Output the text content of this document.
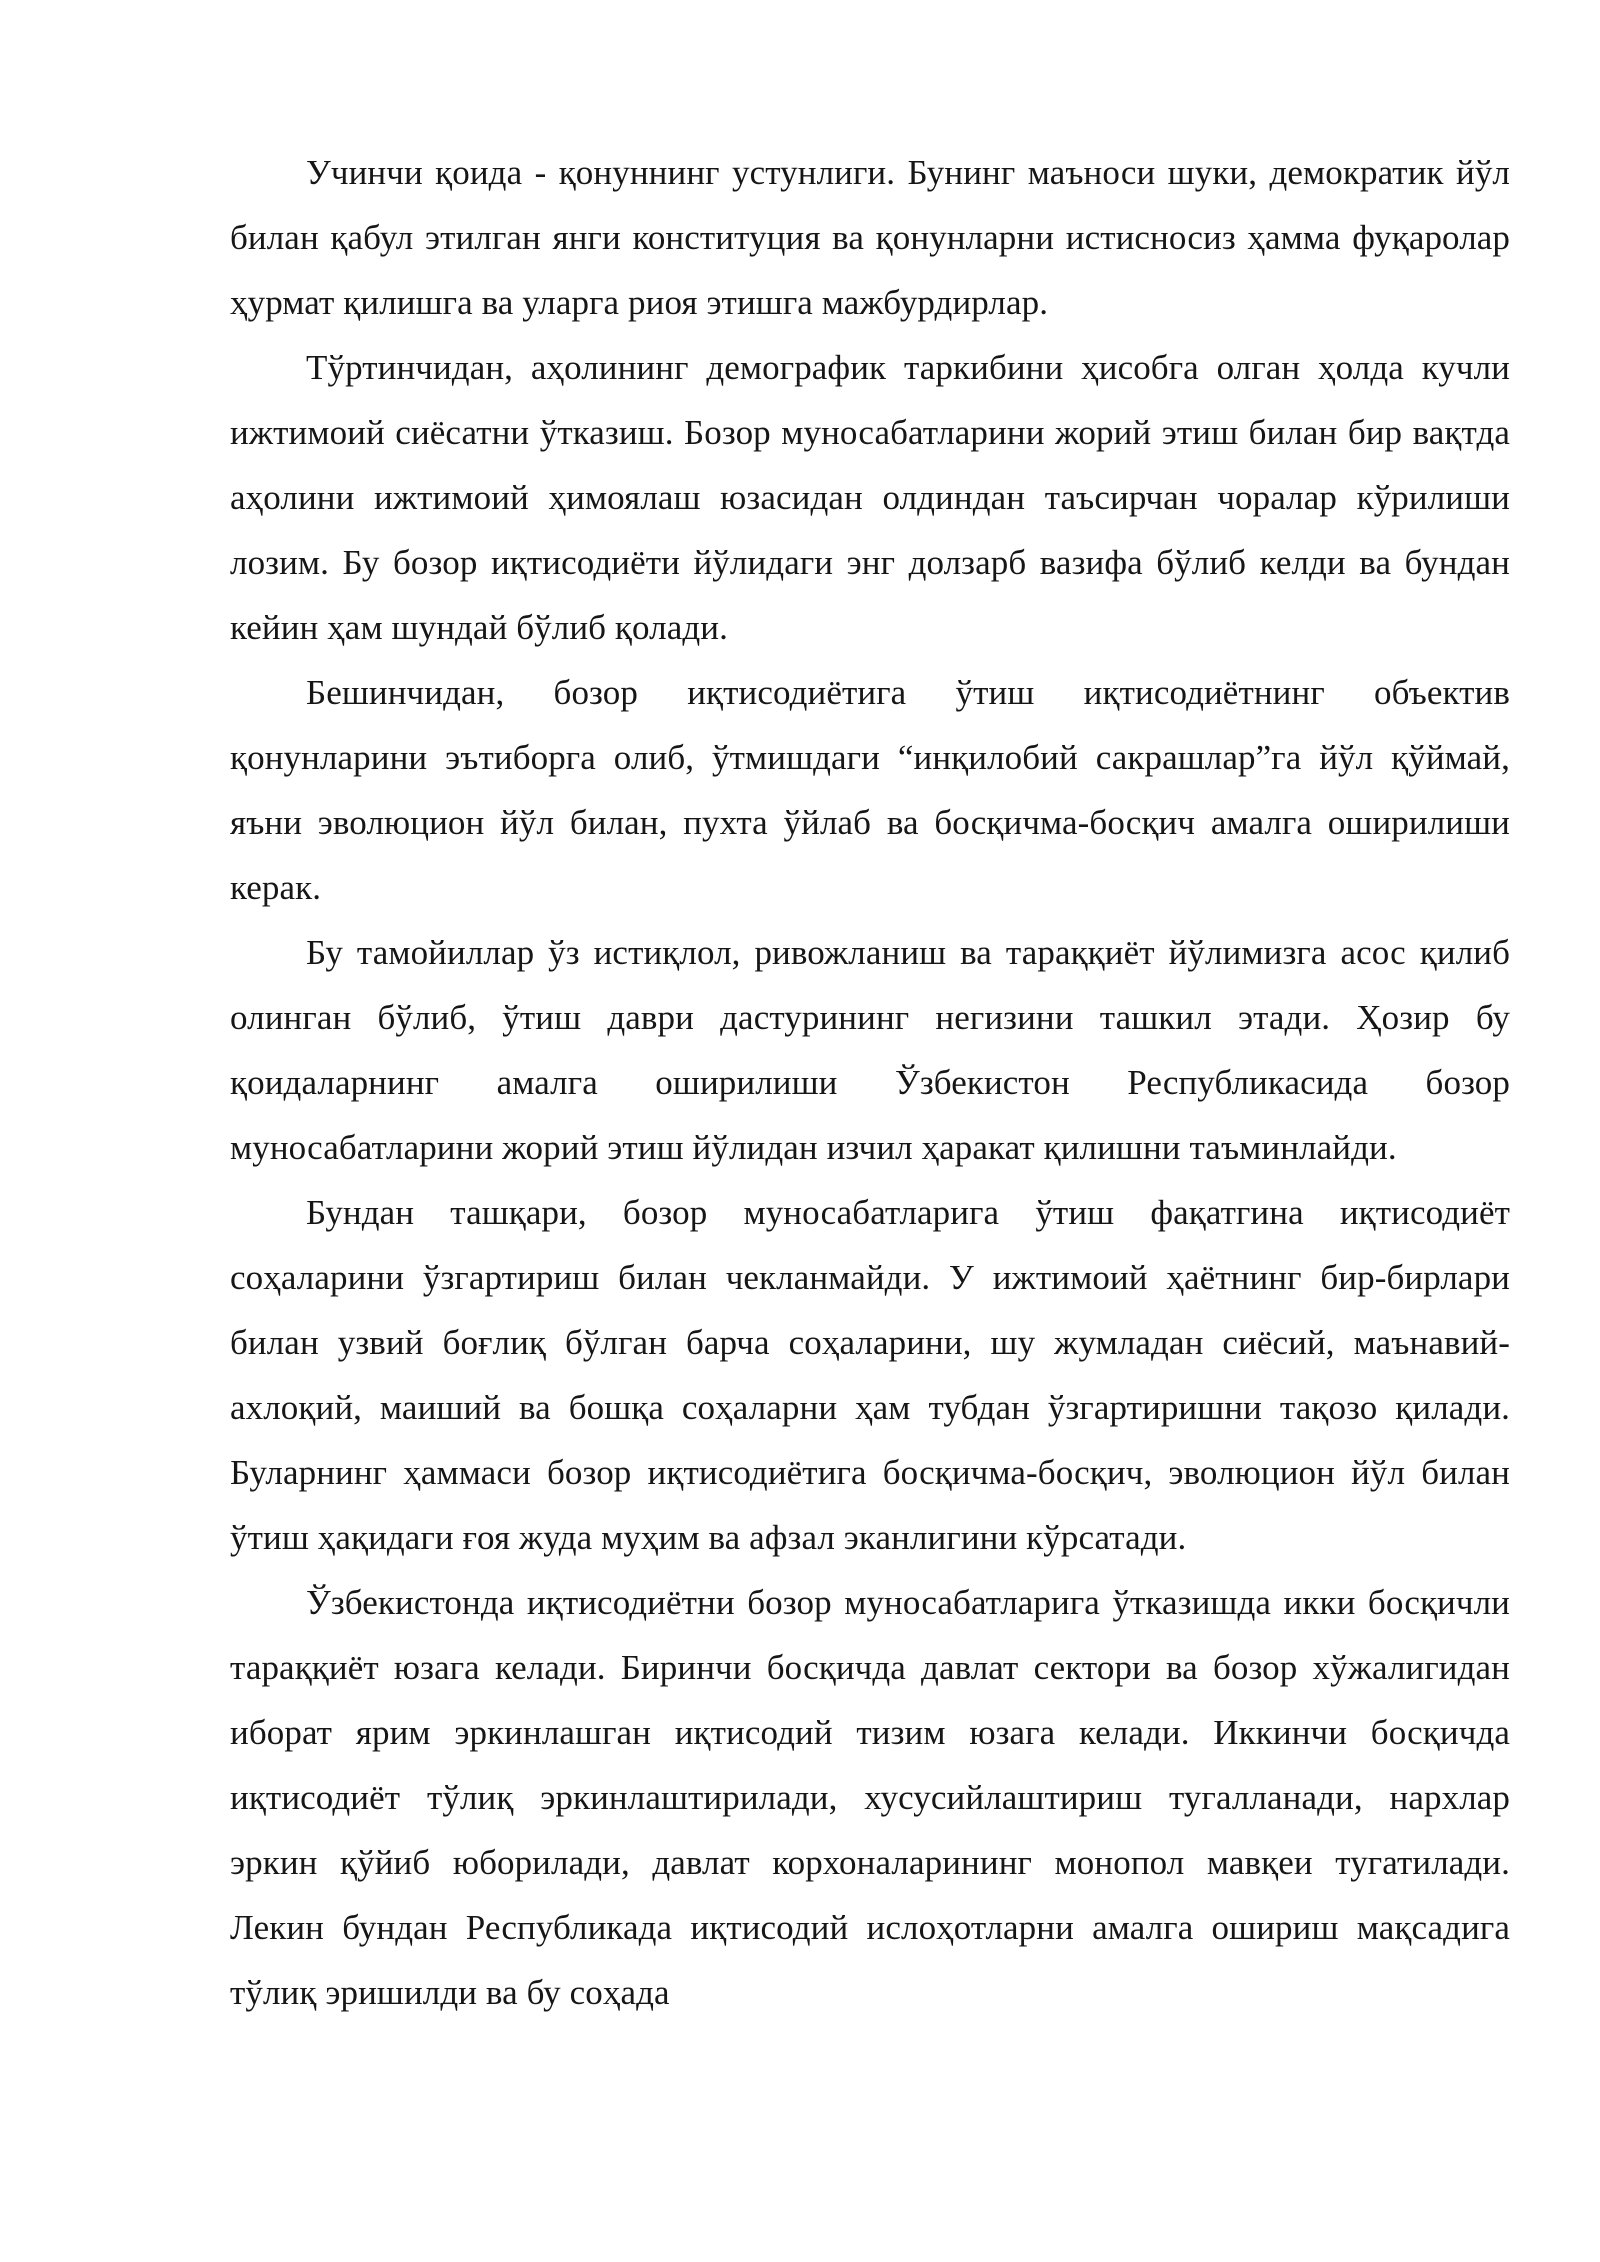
Учинчи қоида - қонуннинг устунлиги. Бунинг маъноси шуки, демократик йўл билан қабул этилган янги конституция ва қонунларни истисносиз ҳамма фуқаролар ҳурмат қилишга ва уларга риоя этишга мажбурдирлар.

Тўртинчидан, аҳолининг демографик таркибини ҳисобга олган ҳолда кучли ижтимоий сиёсатни ўтказиш. Бозор муносабатларини жорий этиш билан бир вақтда аҳолини ижтимоий ҳимоялаш юзасидан олдиндан таъсирчан чоралар кўрилиши лозим. Бу бозор иқтисодиёти йўлидаги энг долзарб вазифа бўлиб келди ва бундан кейин ҳам шундай бўлиб қолади.

Бешинчидан, бозор иқтисодиётига ўтиш иқтисодиётнинг объектив қонунларини эътиборга олиб, ўтмишдаги “инқилобий сакрашлар”га йўл қўймай, яъни эволюцион йўл билан, пухта ўйлаб ва босқичма-босқич амалга оширилиши керак.

Бу тамойиллар ўз истиқлол, ривожланиш ва тараққиёт йўлимизга асос қилиб олинган бўлиб, ўтиш даври дастурининг негизини ташкил этади. Ҳозир бу қоидаларнинг амалга оширилиши Ўзбекистон Республикасида бозор муносабатларини жорий этиш йўлидан изчил ҳаракат қилишни таъминлайди.

Бундан ташқари, бозор муносабатларига ўтиш фақатгина иқтисодиёт соҳаларини ўзгартириш билан чекланмайди. У ижтимоий ҳаётнинг бир-бирлари билан узвий боғлиқ бўлган барча соҳаларини, шу жумладан сиёсий, маънавий-ахлоқий, маиший ва бошқа соҳаларни ҳам тубдан ўзгартиришни тақозо қилади. Буларнинг ҳаммаси бозор иқтисодиётига босқичма-босқич, эволюцион йўл билан ўтиш ҳақидаги ғоя жуда муҳим ва афзал эканлигини кўрсатади.

Ўзбекистонда иқтисодиётни бозор муносабатларига ўтказишда икки босқичли тараққиёт юзага келади. Биринчи босқичда давлат сектори ва бозор хўжалигидан иборат ярим эркинлашган иқтисодий тизим юзага келади. Иккинчи босқичда иқтисодиёт тўлиқ эркинлаштирилади, хусусийлаштириш тугалланади, нархлар эркин қўйиб юборилади, давлат корхоналарининг монопол мавқеи тугатилади. Лекин бундан Республикада иқтисодий ислоҳотларни амалга ошириш мақсадига тўлиқ эришилди ва бу соҳада
